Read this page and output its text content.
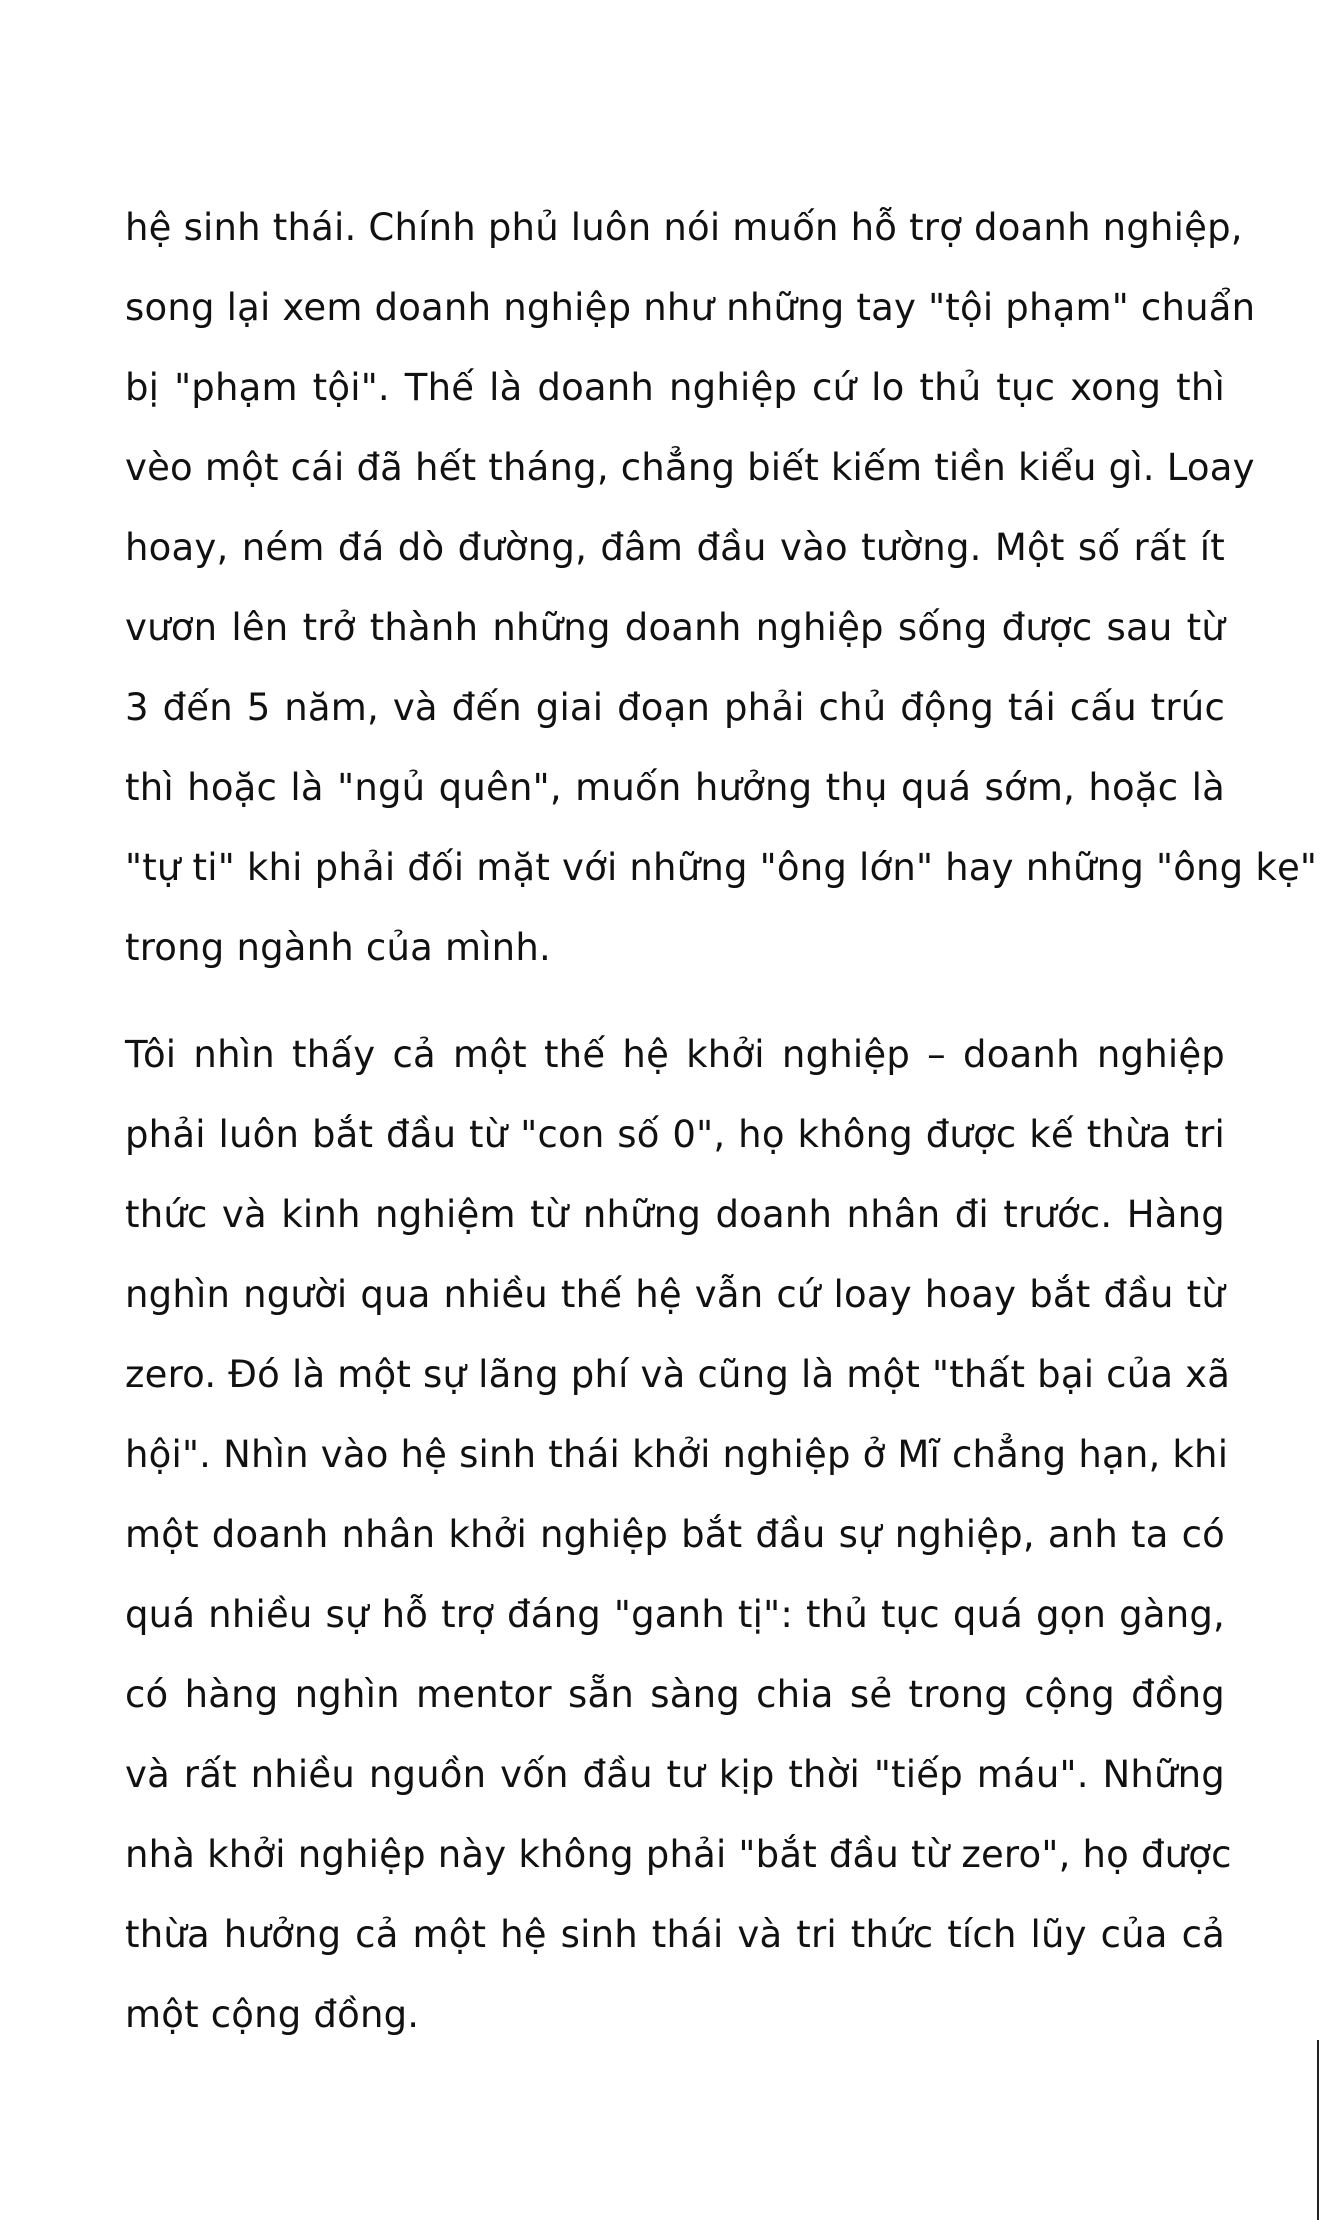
hệ sinh thái. Chính phủ luôn nói muốn hỗ trợ doanh nghiệp,
song lại xem doanh nghiệp như những tay "tội phạm" chuẩn
bị "phạm tội". Thế là doanh nghiệp cứ lo thủ tục xong thì
vèo một cái đã hết tháng, chẳng biết kiếm tiền kiểu gì. Loay
hoay, ném đá dò đường, đâm đầu vào tường. Một số rất ít
vươn lên trở thành những doanh nghiệp sống được sau từ
3 đến 5 năm, và đến giai đoạn phải chủ động tái cấu trúc
thì hoặc là "ngủ quên", muốn hưởng thụ quá sớm, hoặc là
"tự ti" khi phải đối mặt với những "ông lớn" hay những "ông kẹ"
trong ngành của mình.
Tôi nhìn thấy cả một thế hệ khởi nghiệp – doanh nghiệp
phải luôn bắt đầu từ "con số 0", họ không được kế thừa tri
thức và kinh nghiệm từ những doanh nhân đi trước. Hàng
nghìn người qua nhiều thế hệ vẫn cứ loay hoay bắt đầu từ
zero. Đó là một sự lãng phí và cũng là một "thất bại của xã
hội". Nhìn vào hệ sinh thái khởi nghiệp ở Mĩ chẳng hạn, khi
một doanh nhân khởi nghiệp bắt đầu sự nghiệp, anh ta có
quá nhiều sự hỗ trợ đáng "ganh tị": thủ tục quá gọn gàng,
có hàng nghìn mentor sẵn sàng chia sẻ trong cộng đồng
và rất nhiều nguồn vốn đầu tư kịp thời "tiếp máu". Những
nhà khởi nghiệp này không phải "bắt đầu từ zero", họ được
thừa hưởng cả một hệ sinh thái và tri thức tích lũy của cả
một cộng đồng.
